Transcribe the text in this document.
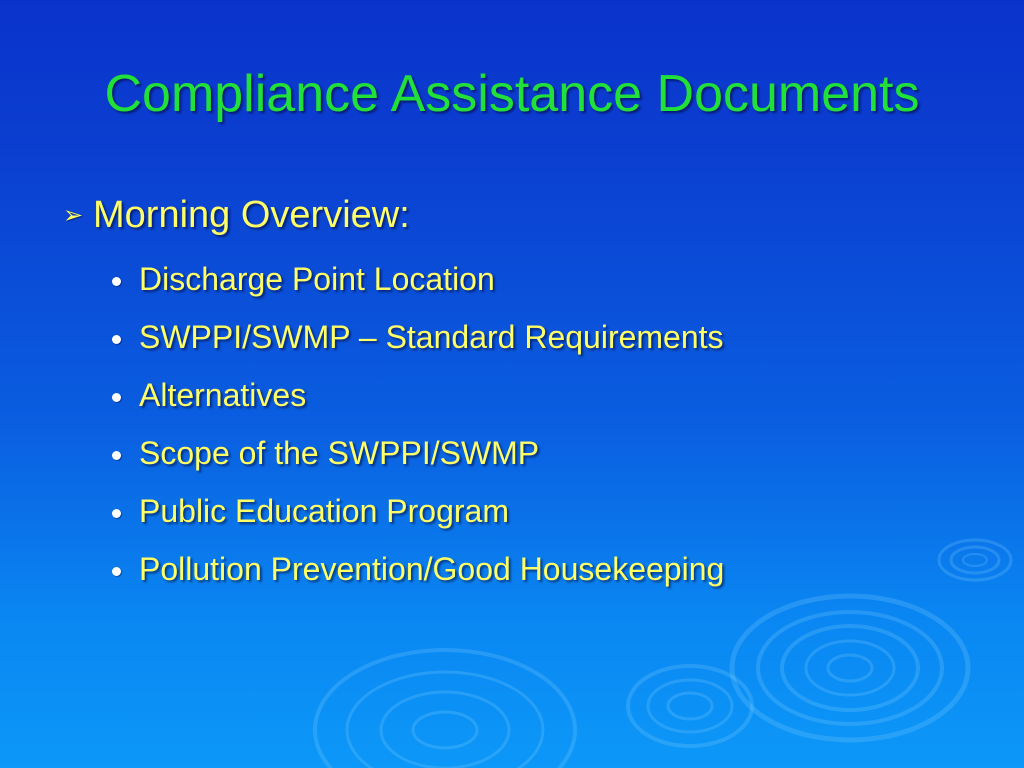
Compliance Assistance Documents
➢ Morning Overview:
Discharge Point Location
SWPPI/SWMP – Standard Requirements
Alternatives
Scope of the SWPPI/SWMP
Public Education Program
Pollution Prevention/Good Housekeeping
